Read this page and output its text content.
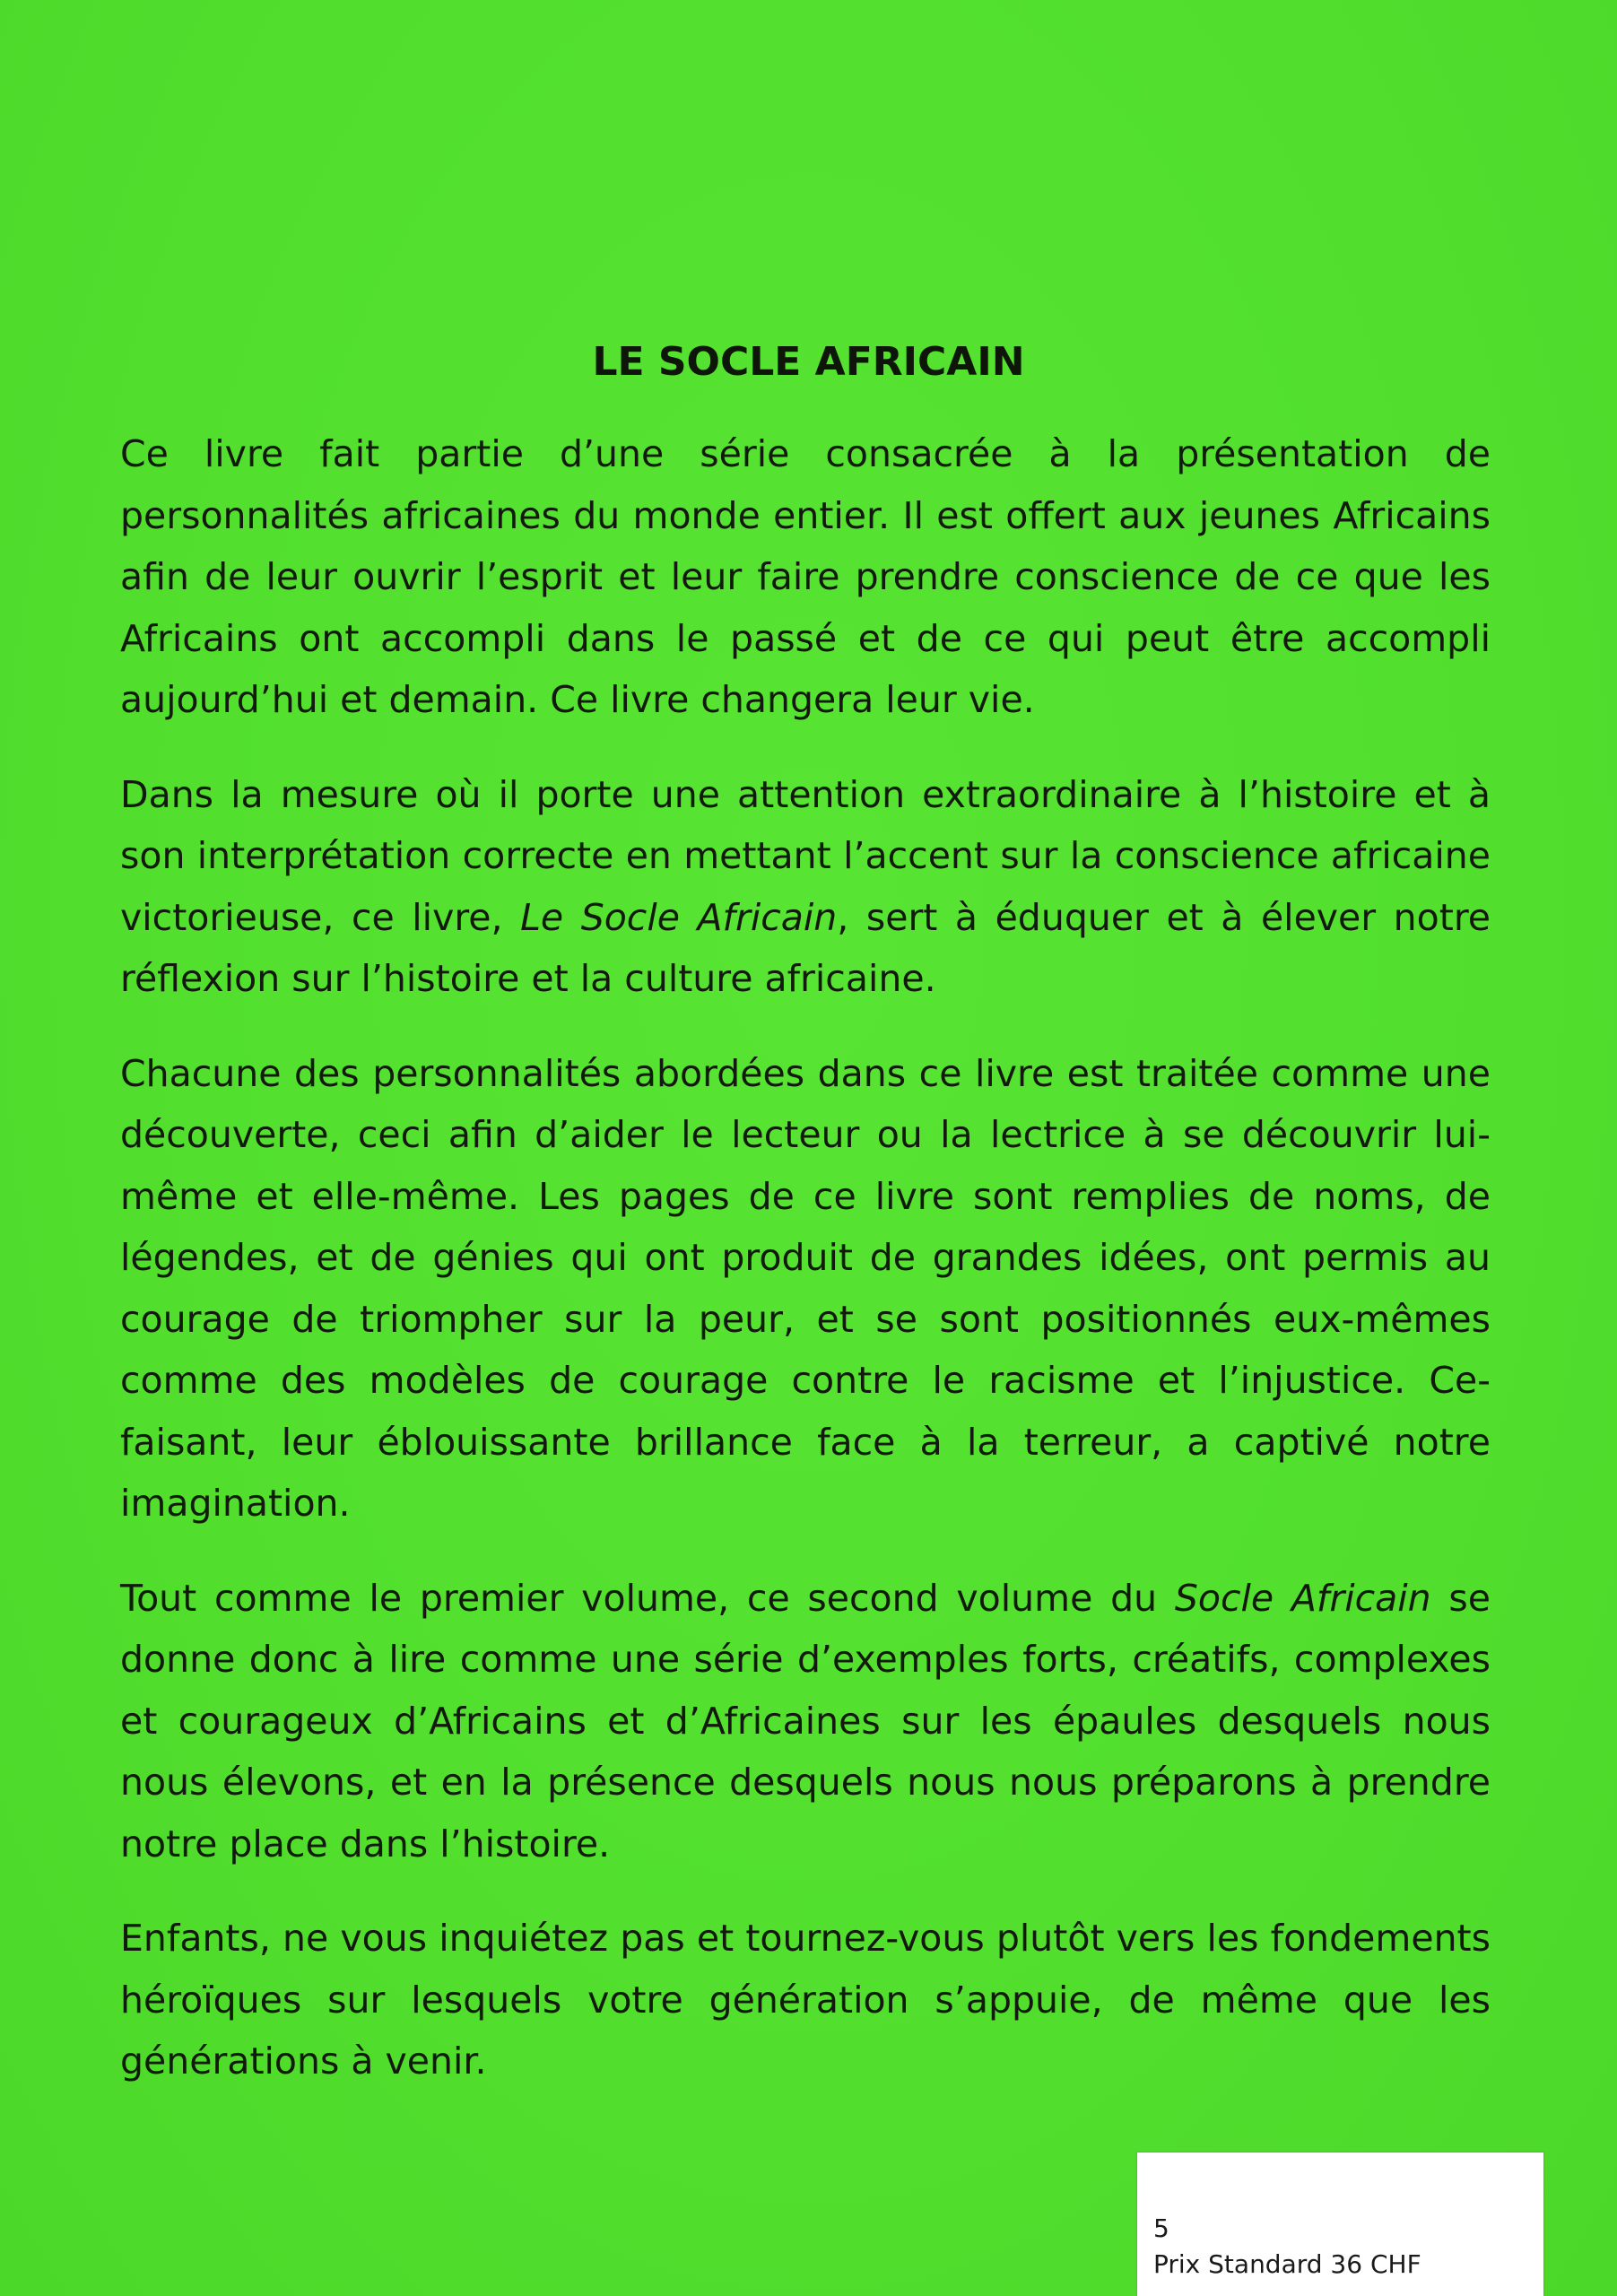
LE SOCLE AFRICAIN

Ce livre fait partie d’une série consacrée à la présentation de personnalités africaines du monde entier. Il est offert aux jeunes Africains afin de leur ouvrir l’esprit et leur faire prendre conscience de ce que les Africains ont accompli dans le passé et de ce qui peut être accompli aujourd’hui et demain. Ce livre changera leur vie.

Dans la mesure où il porte une attention extraordinaire à l’histoire et à son interprétation correcte en mettant l’accent sur la conscience africaine victorieuse, ce livre, Le Socle Africain, sert à éduquer et à élever notre réflexion sur l’histoire et la culture africaine.

Chacune des personnalités abordées dans ce livre est traitée comme une découverte, ceci afin d’aider le lecteur ou la lectrice à se découvrir lui-même et elle-même. Les pages de ce livre sont remplies de noms, de légendes, et de génies qui ont produit de grandes idées, ont permis au courage de triompher sur la peur, et se sont positionnés eux-mêmes comme des modèles de courage contre le racisme et l’injustice. Ce-faisant, leur éblouissante brillance face à la terreur, a captivé notre imagination.

Tout comme le premier volume, ce second volume du Socle Africain se donne donc à lire comme une série d’exemples forts, créatifs, complexes et courageux d’Africains et d’Africaines sur les épaules desquels nous nous élevons, et en la présence desquels nous nous préparons à prendre notre place dans l’histoire.

Enfants, ne vous inquiétez pas et tournez-vous plutôt vers les fondements héroïques sur lesquels votre génération s’appuie, de même que les générations à venir.

5
Prix Standard 36 CHF
